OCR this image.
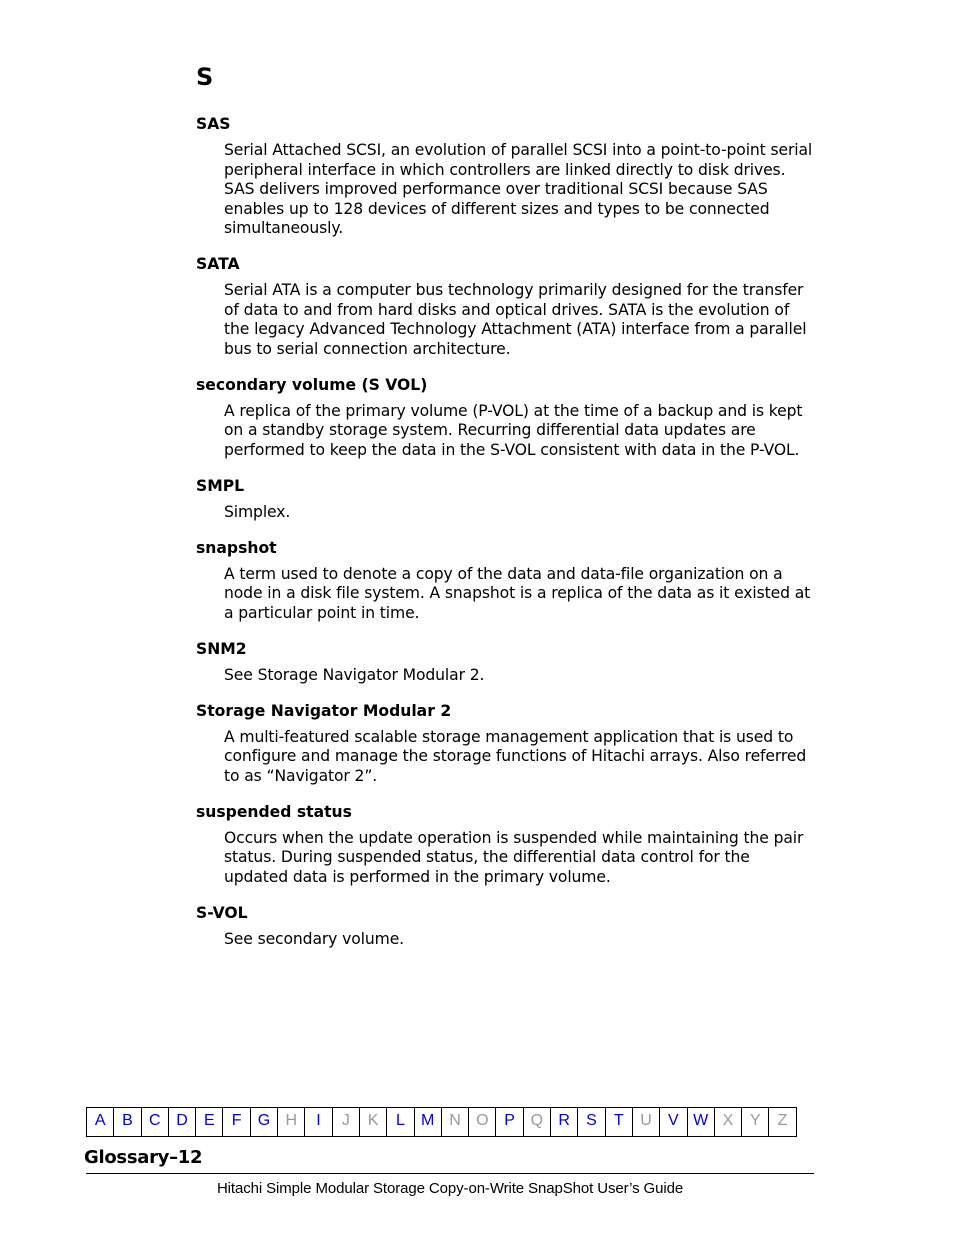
S
SAS
Serial Attached SCSI, an evolution of parallel SCSI into a point-to-point serial peripheral interface in which controllers are linked directly to disk drives. SAS delivers improved performance over traditional SCSI because SAS enables up to 128 devices of different sizes and types to be connected simultaneously.
SATA
Serial ATA is a computer bus technology primarily designed for the transfer of data to and from hard disks and optical drives. SATA is the evolution of the legacy Advanced Technology Attachment (ATA) interface from a parallel bus to serial connection architecture.
secondary volume (S VOL)
A replica of the primary volume (P-VOL) at the time of a backup and is kept on a standby storage system. Recurring differential data updates are performed to keep the data in the S-VOL consistent with data in the P-VOL.
SMPL
Simplex.
snapshot
A term used to denote a copy of the data and data-file organization on a node in a disk file system. A snapshot is a replica of the data as it existed at a particular point in time.
SNM2
See Storage Navigator Modular 2.
Storage Navigator Modular 2
A multi-featured scalable storage management application that is used to configure and manage the storage functions of Hitachi arrays. Also referred to as “Navigator 2”.
suspended status
Occurs when the update operation is suspended while maintaining the pair status. During suspended status, the differential data control for the updated data is performed in the primary volume.
S-VOL
See secondary volume.
A	B	C D	E	F	G H	I	J	K	L	M N O P Q R	S	T	U	V W X	Y	Z
Glossary–12
Hitachi Simple Modular Storage Copy-on-Write SnapShot User’s Guide
